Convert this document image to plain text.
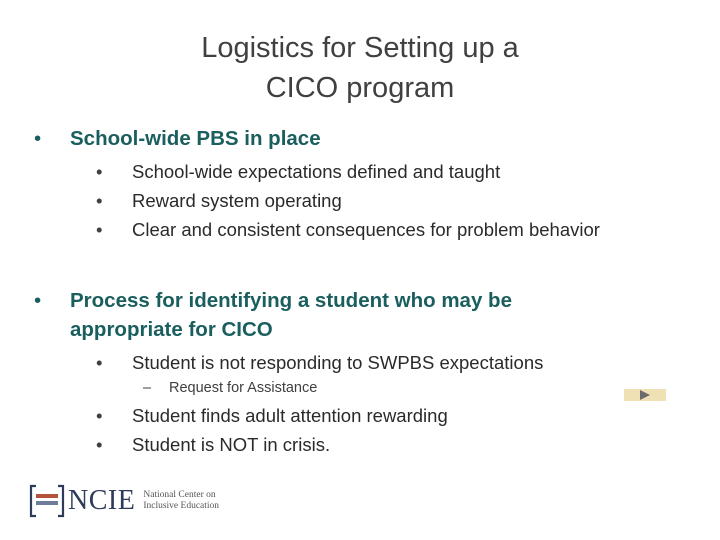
Logistics for Setting up a
CICO program
•	School-wide PBS in place
•	School-wide expectations defined and taught
•	Reward system operating
•	Clear and consistent consequences for problem behavior
•	Process for identifying a student who may be
appropriate for CICO
•	Student is not responding to SWPBS expectations
–	Request for Assistance
•	Student finds adult attention rewarding
•	Student is NOT in crisis.
NCIE National Center on
Inclusive Education
